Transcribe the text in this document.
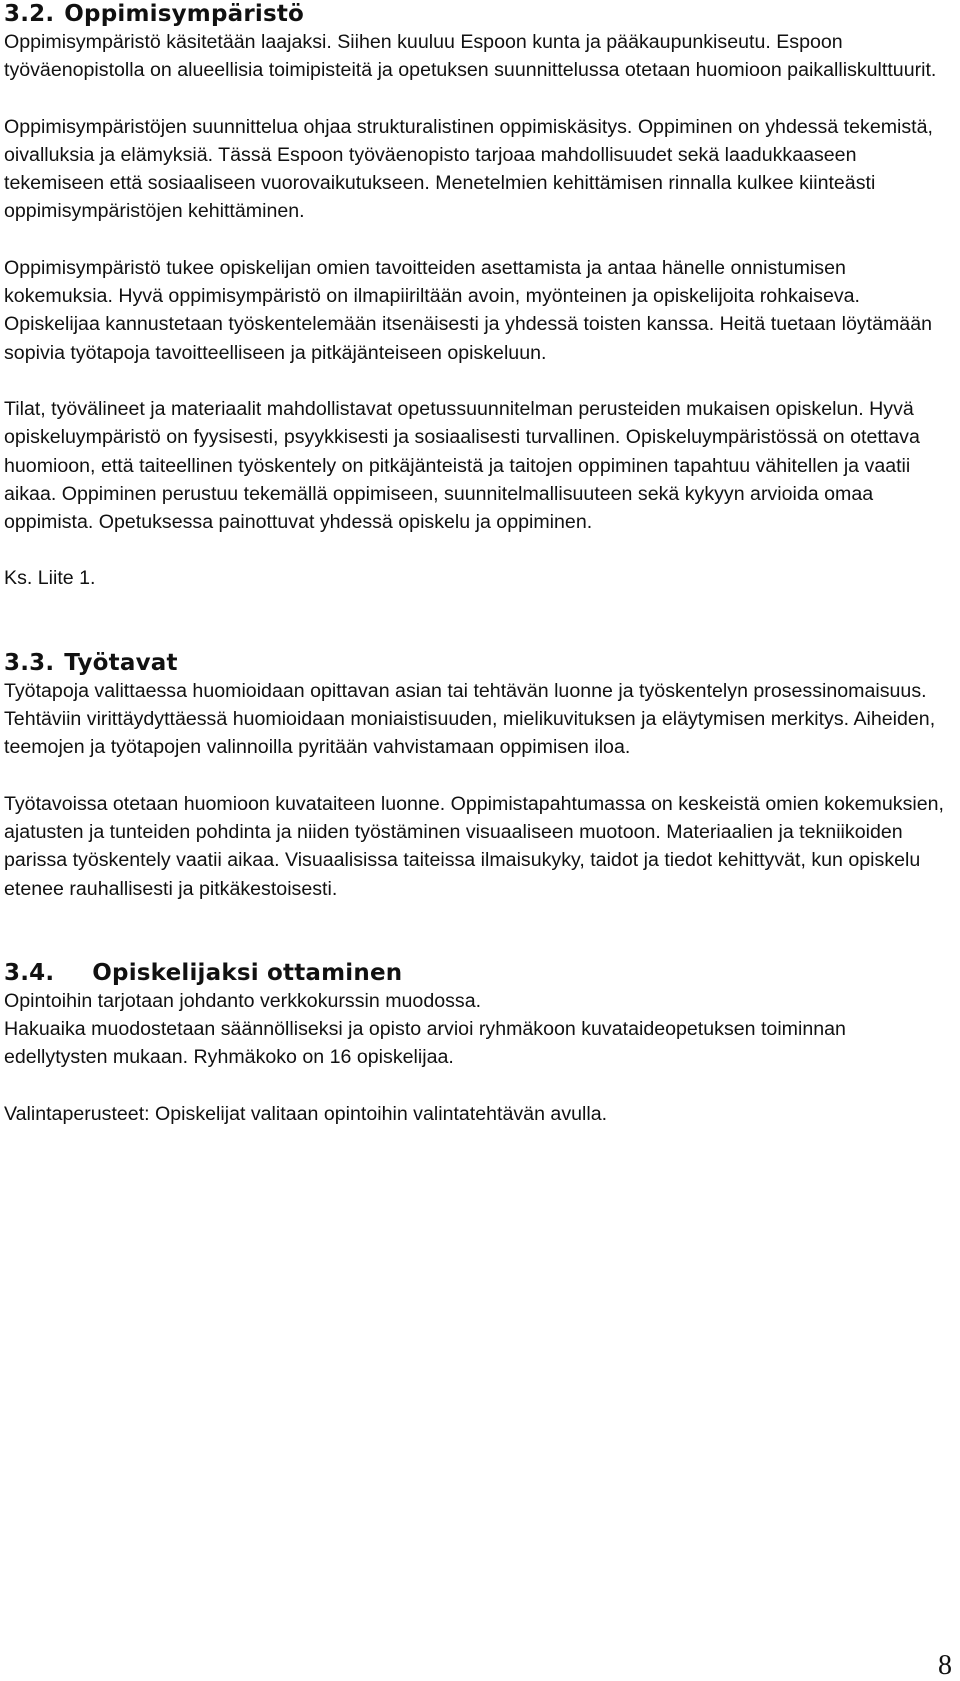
3.2. Oppimisympäristö

Oppimisympäristö käsitetään laajaksi. Siihen kuuluu Espoon kunta ja pääkaupunkiseutu. Espoon työväenopistolla on alueellisia toimipisteitä ja opetuksen suunnittelussa otetaan huomioon paikalliskulttuurit.

Oppimisympäristöjen suunnittelua ohjaa strukturalistinen oppimiskäsitys. Oppiminen on yhdessä tekemistä, oivalluksia ja elämyksiä. Tässä Espoon työväenopisto tarjoaa mahdollisuudet sekä laadukkaaseen tekemiseen että sosiaaliseen vuorovaikutukseen. Menetelmien kehittämisen rinnalla kulkee kiinteästi oppimisympäristöjen kehittäminen.

Oppimisympäristö tukee opiskelijan omien tavoitteiden asettamista ja antaa hänelle onnistumisen kokemuksia. Hyvä oppimisympäristö on ilmapiiriltään avoin, myönteinen ja opiskelijoita rohkaiseva. Opiskelijaa kannustetaan työskentelemään itsenäisesti ja yhdessä toisten kanssa. Heitä tuetaan löytämään sopivia työtapoja tavoitteelliseen ja pitkäjänteiseen opiskeluun.

Tilat, työvälineet ja materiaalit mahdollistavat opetussuunnitelman perusteiden mukaisen opiskelun. Hyvä opiskeluympäristö on fyysisesti, psyykkisesti ja sosiaalisesti turvallinen. Opiskeluympäristössä on otettava huomioon, että taiteellinen työskentely on pitkäjänteistä ja taitojen oppiminen tapahtuu vähitellen ja vaatii aikaa. Oppiminen perustuu tekemällä oppimiseen, suunnitelmallisuuteen sekä kykyyn arvioida omaa oppimista. Opetuksessa painottuvat yhdessä opiskelu ja oppiminen.

Ks. Liite 1.

3.3. Työtavat

Työtapoja valittaessa huomioidaan opittavan asian tai tehtävän luonne ja työskentelyn prosessinomaisuus. Tehtäviin virittäydyttäessä huomioidaan moniaistisuuden, mielikuvituksen ja eläytymisen merkitys. Aiheiden, teemojen ja työtapojen valinnoilla pyritään vahvistamaan oppimisen iloa.

Työtavoissa otetaan huomioon kuvataiteen luonne. Oppimistapahtumassa on keskeistä omien kokemuksien, ajatusten ja tunteiden pohdinta ja niiden työstäminen visuaaliseen muotoon. Materiaalien ja tekniikoiden parissa työskentely vaatii aikaa. Visuaalisissa taiteissa ilmaisukyky, taidot ja tiedot kehittyvät, kun opiskelu etenee rauhallisesti ja pitkäkestoisesti.

3.4. Opiskelijaksi ottaminen

Opintoihin tarjotaan johdanto verkkokurssin muodossa.

Hakuaika muodostetaan säännölliseksi ja opisto arvioi ryhmäkoon kuvataideopetuksen toiminnan edellytysten mukaan. Ryhmäkoko on 16 opiskelijaa.

Valintaperusteet: Opiskelijat valitaan opintoihin valintatehtävän avulla.

8
